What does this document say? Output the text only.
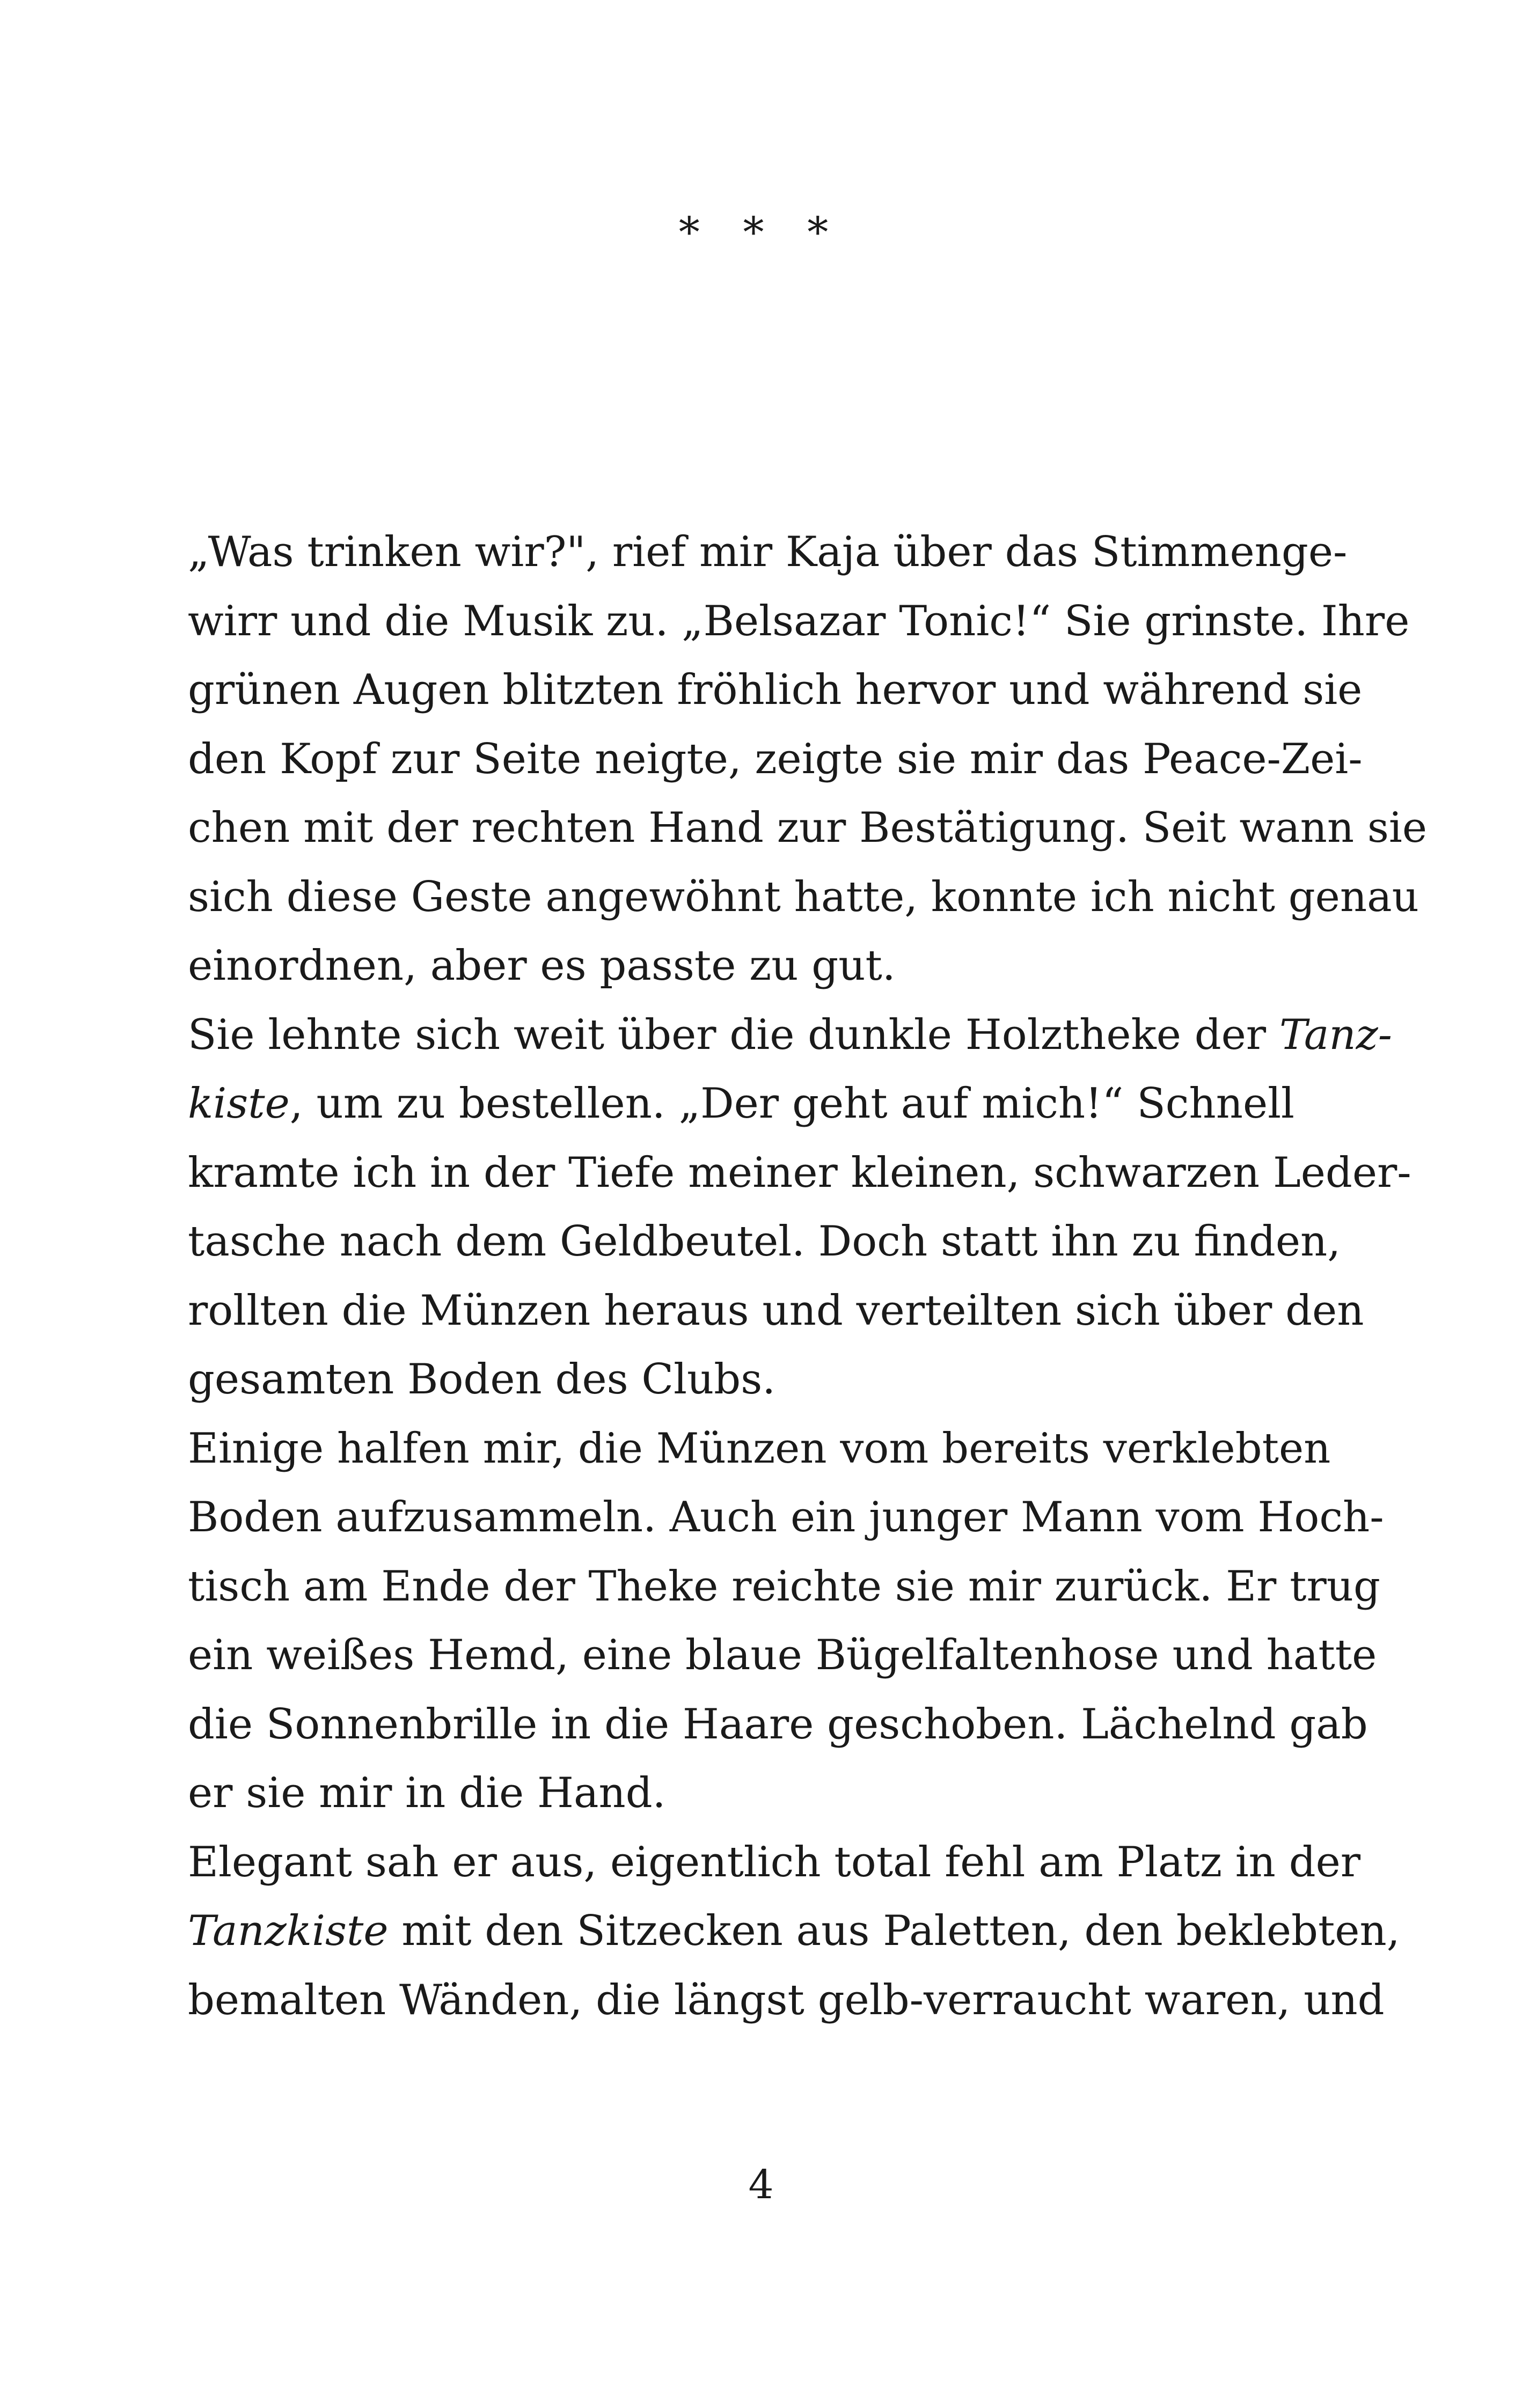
* * *
„Was trinken wir?", rief mir Kaja über das Stimmenge-
wirr und die Musik zu. „Belsazar Tonic!“ Sie grinste. Ihre
grünen Augen blitzten fröhlich hervor und während sie
den Kopf zur Seite neigte, zeigte sie mir das Peace-Zei-
chen mit der rechten Hand zur Bestätigung. Seit wann sie
sich diese Geste angewöhnt hatte, konnte ich nicht genau
einordnen, aber es passte zu gut.
Sie lehnte sich weit über die dunkle Holztheke der Tanz-
kiste, um zu bestellen. „Der geht auf mich!“ Schnell
kramte ich in der Tiefe meiner kleinen, schwarzen Leder-
tasche nach dem Geldbeutel. Doch statt ihn zu finden,
rollten die Münzen heraus und verteilten sich über den
gesamten Boden des Clubs.
Einige halfen mir, die Münzen vom bereits verklebten
Boden aufzusammeln. Auch ein junger Mann vom Hoch-
tisch am Ende der Theke reichte sie mir zurück. Er trug
ein weißes Hemd, eine blaue Bügelfaltenhose und hatte
die Sonnenbrille in die Haare geschoben. Lächelnd gab
er sie mir in die Hand.
Elegant sah er aus, eigentlich total fehl am Platz in der
Tanzkiste mit den Sitzecken aus Paletten, den beklebten,
bemalten Wänden, die längst gelb-verraucht waren, und
4
